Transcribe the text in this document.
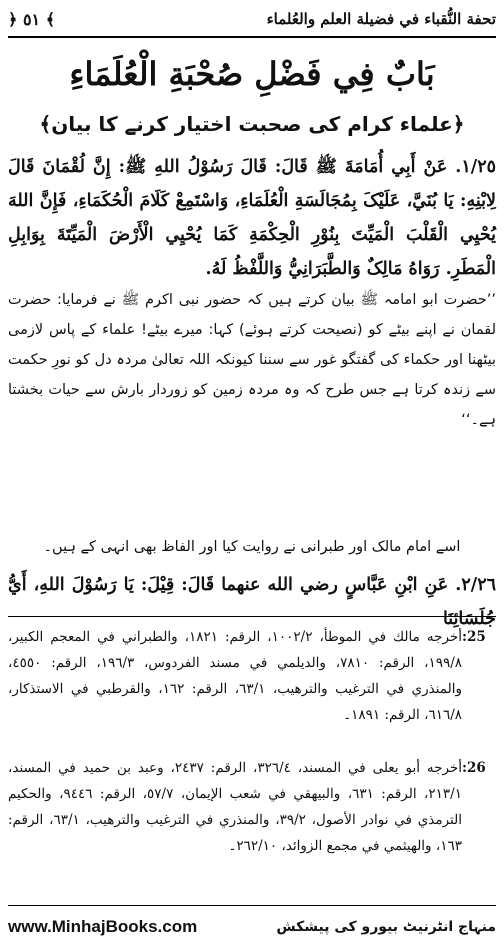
﴿ ٥١ ﴾	تحفة النُّقباء في فضيلة العلم والعُلماء
بَابٌ فِي فَضْلِ صُحْبَةِ الْعُلَمَاءِ
﴿علماء کرام کی صحبت اختیار کرنے کا بیان﴾
١/٢٥. عَنْ أَبِي أُمَامَةَ ﷺ قَالَ: قَالَ رَسُوْلُ اللهِ ﷺ: إِنَّ لُقْمَانَ قَالَ لِابْنِهِ: يَا بُنَيَّ، عَلَيْکَ بِمُجَالَسَةِ الْعُلَمَاءِ، وَاسْتَمِعْ کَلَامَ الْحُکَمَاءِ، فَإِنَّ اللهَ يُحْيِي الْقَلْبَ الْمَيِّتَ بِنُوْرِ الْحِکْمَةِ کَمَا يُحْيِي الْأَرْضَ الْمَيِّتَةَ بِوَابِلِ الْمَطَرِ. رَوَاهُ مَالِکٌ وَالطَّبَرَانِيُّ وَاللَّفْظُ لَهُ.
’’حضرت ابو امامہ ﷺ بیان کرتے ہیں کہ حضور نبی اکرم ﷺ نے فرمایا: حضرت لقمان نے اپنے بیٹے کو (نصیحت کرتے ہوئے) کہا: میرے بیٹے! علماء کے پاس لازمی بیٹھنا اور حکماء کی گفتگو غور سے سننا کیونکہ اللہ تعالیٰ مردہ دل کو نورِ حکمت سے زندہ کرتا ہے جس طرح کہ وہ مردہ زمین کو زوردار بارش سے حیات بخشتا ہے۔‘‘
اسے امام مالک اور طبرانی نے روایت کیا اور الفاظ بھی انہی کے ہیں۔
٢/٢٦. عَنِ ابْنِ عَبَّاسٍ رضي الله عنهما قَالَ: قِيْلَ: يَا رَسُوْلَ اللهِ، أَيُّ جُلَسَائِنَا
:25
أخرجه مالك في الموطأ، ١٠٠٢/٢، الرقم: ١٨٢١، والطبراني في المعجم الكبير، ١٩٩/٨، الرقم: ٧٨١٠، والديلمي في مسند الفردوس، ١٩٦/٣، الرقم: ٤٥٥٠، والمنذري في الترغيب والترهيب، ٦٣/١، الرقم: ١٦٢، والقرطبي في الاستذكار، ٦١٦/٨، الرقم: ١٨٩١۔
:26
أخرجه أبو يعلى في المسند، ٣٢٦/٤، الرقم: ٢٤٣٧، وعبد بن حميد في المسند، ٢١٣/١، الرقم: ٦٣١، والبيهقي في شعب الإيمان، ٥٧/٧، الرقم: ٩٤٤٦، والحكيم الترمذي في نوادر الأصول، ٣٩/٢، والمنذري في الترغيب والترهيب، ٦٣/١، الرقم: ١٦٣، والهيثمي في مجمع الزوائد، ٢٦٢/١٠۔
www.MinhajBooks.com	منہاج انٹرنیٹ بیورو کی پیشکش
